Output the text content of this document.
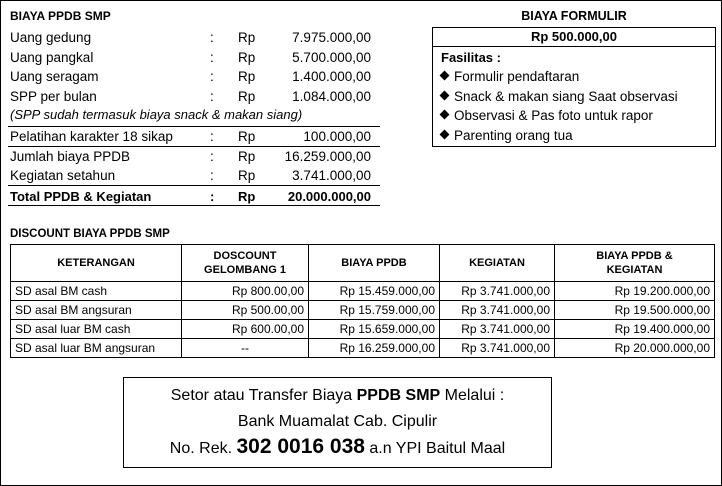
BIAYA PPDB SMP
Uang gedung	: Rp	7.975.000,00
Uang pangkal	: Rp	5.700.000,00
Uang seragam	: Rp	1.400.000,00
SPP per bulan	: Rp	1.084.000,00
(SPP sudah termasuk biaya snack & makan siang)
Pelatihan karakter 18 sikap	: Rp	100.000,00
Jumlah biaya PPDB	: Rp 16.259.000,00
Kegiatan setahun	: Rp	3.741.000,00
Total PPDB & Kegiatan	: Rp	20.000.000,00
BIAYA FORMULIR
Rp 500.000,00
Fasilitas :
Formulir pendaftaran
Snack & makan siang Saat observasi
Observasi & Pas foto untuk rapor
Parenting orang tua
DISCOUNT BIAYA PPDB SMP
KETERANGAN	DOSCOUNT
GELOMBANG 1	BIAYA PPDB	KEGIATAN	BIAYA PPDB &
KEGIATAN
SD asal BM cash	Rp 800.00,00	Rp 15.459.000,00	Rp 3.741.000,00	Rp 19.200.000,00
SD asal BM angsuran	Rp 500.00,00	Rp 15.759.000,00	Rp 3.741.000,00	Rp 19.500.000,00
SD asal luar BM cash	Rp 600.00,00	Rp 15.659.000,00	Rp 3.741.000,00	Rp 19.400.000,00
SD asal luar BM angsuran	--	Rp 16.259.000,00	Rp 3.741.000,00	Rp 20.000.000,00
Setor atau Transfer Biaya PPDB SMP Melalui :
Bank Muamalat Cab. Cipulir
No. Rek. 302 0016 038 a.n YPI Baitul Maal
